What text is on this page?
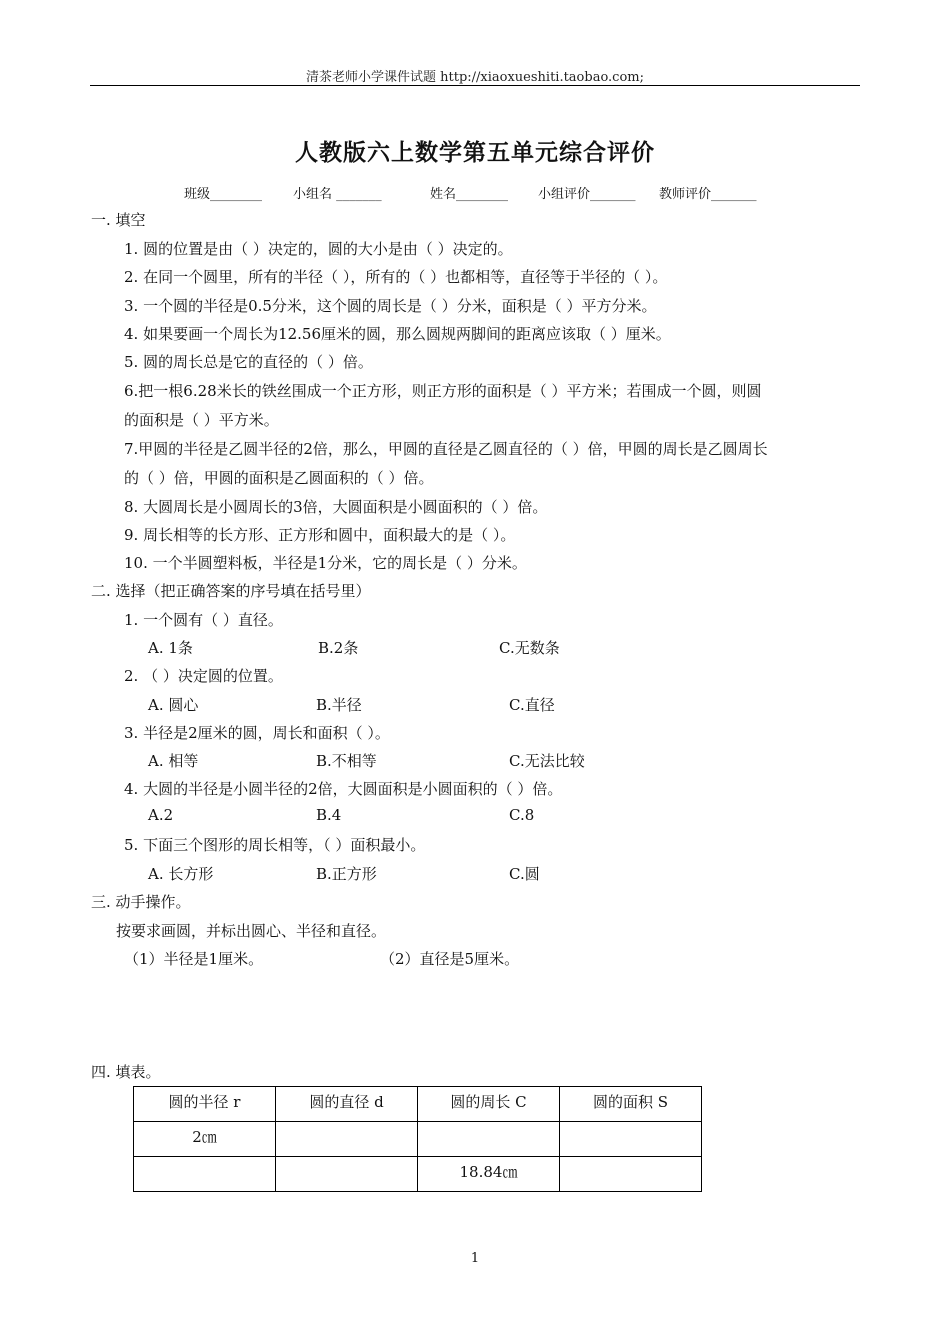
清茶老师小学课件试题 http://xiaoxueshiti.taobao.com;
人教版六上数学第五单元综合评价
班级________ 小组名 _______	姓名________ 小组评价_______ 教师评价_______
一. 填空
1. 圆的位置是由（ ）决定的，圆的大小是由（ ）决定的。
2. 在同一个圆里，所有的半径（ ），所有的（ ）也都相等，直径等于半径的（ ）。
3. 一个圆的半径是0.5分米，这个圆的周长是（ ）分米，面积是（ ）平方分米。
4. 如果要画一个周长为12.56厘米的圆，那么圆规两脚间的距离应该取（ ）厘米。
5. 圆的周长总是它的直径的（ ）倍。
6.把一根6.28米长的铁丝围成一个正方形，则正方形的面积是（ ）平方米；若围成一个圆，则圆
的面积是（ ）平方米。
7.甲圆的半径是乙圆半径的2倍，那么，甲圆的直径是乙圆直径的（ ）倍，甲圆的周长是乙圆周长
的（ ）倍，甲圆的面积是乙圆面积的（ ）倍。
8. 大圆周长是小圆周长的3倍，大圆面积是小圆面积的（ ）倍。
9. 周长相等的长方形、正方形和圆中，面积最大的是（ ）。
10. 一个半圆塑料板，半径是1分米，它的周长是（ ）分米。
二. 选择（把正确答案的序号填在括号里）
1. 一个圆有（ ）直径。
A. 1条	B.2条	C.无数条
2. （ ）决定圆的位置。
A. 圆心	B.半径	C.直径
3. 半径是2厘米的圆，周长和面积（ ）。
A. 相等	B.不相等	C.无法比较
4. 大圆的半径是小圆半径的2倍，大圆面积是小圆面积的（ ）倍。
A.2	B.4	C.8
5. 下面三个图形的周长相等，（ ）面积最小。
A. 长方形	B.正方形	C.圆
三. 动手操作。
按要求画圆，并标出圆心、半径和直径。
（1）半径是1厘米。	（2）直径是5厘米。
四. 填表。
圆的半径 r	圆的直径 d	圆的周长 C	圆的面积 S
2㎝			
		18.84㎝	
1
